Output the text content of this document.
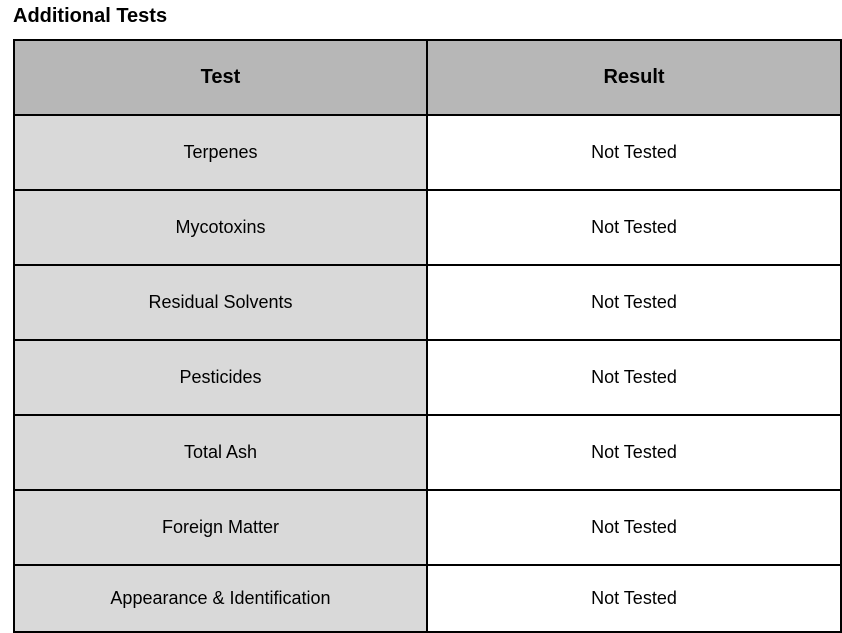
Additional Tests
Test	Result
Terpenes	Not Tested
Mycotoxins	Not Tested
Residual Solvents	Not Tested
Pesticides	Not Tested
Total Ash	Not Tested
Foreign Matter	Not Tested
Appearance & Identification	Not Tested
